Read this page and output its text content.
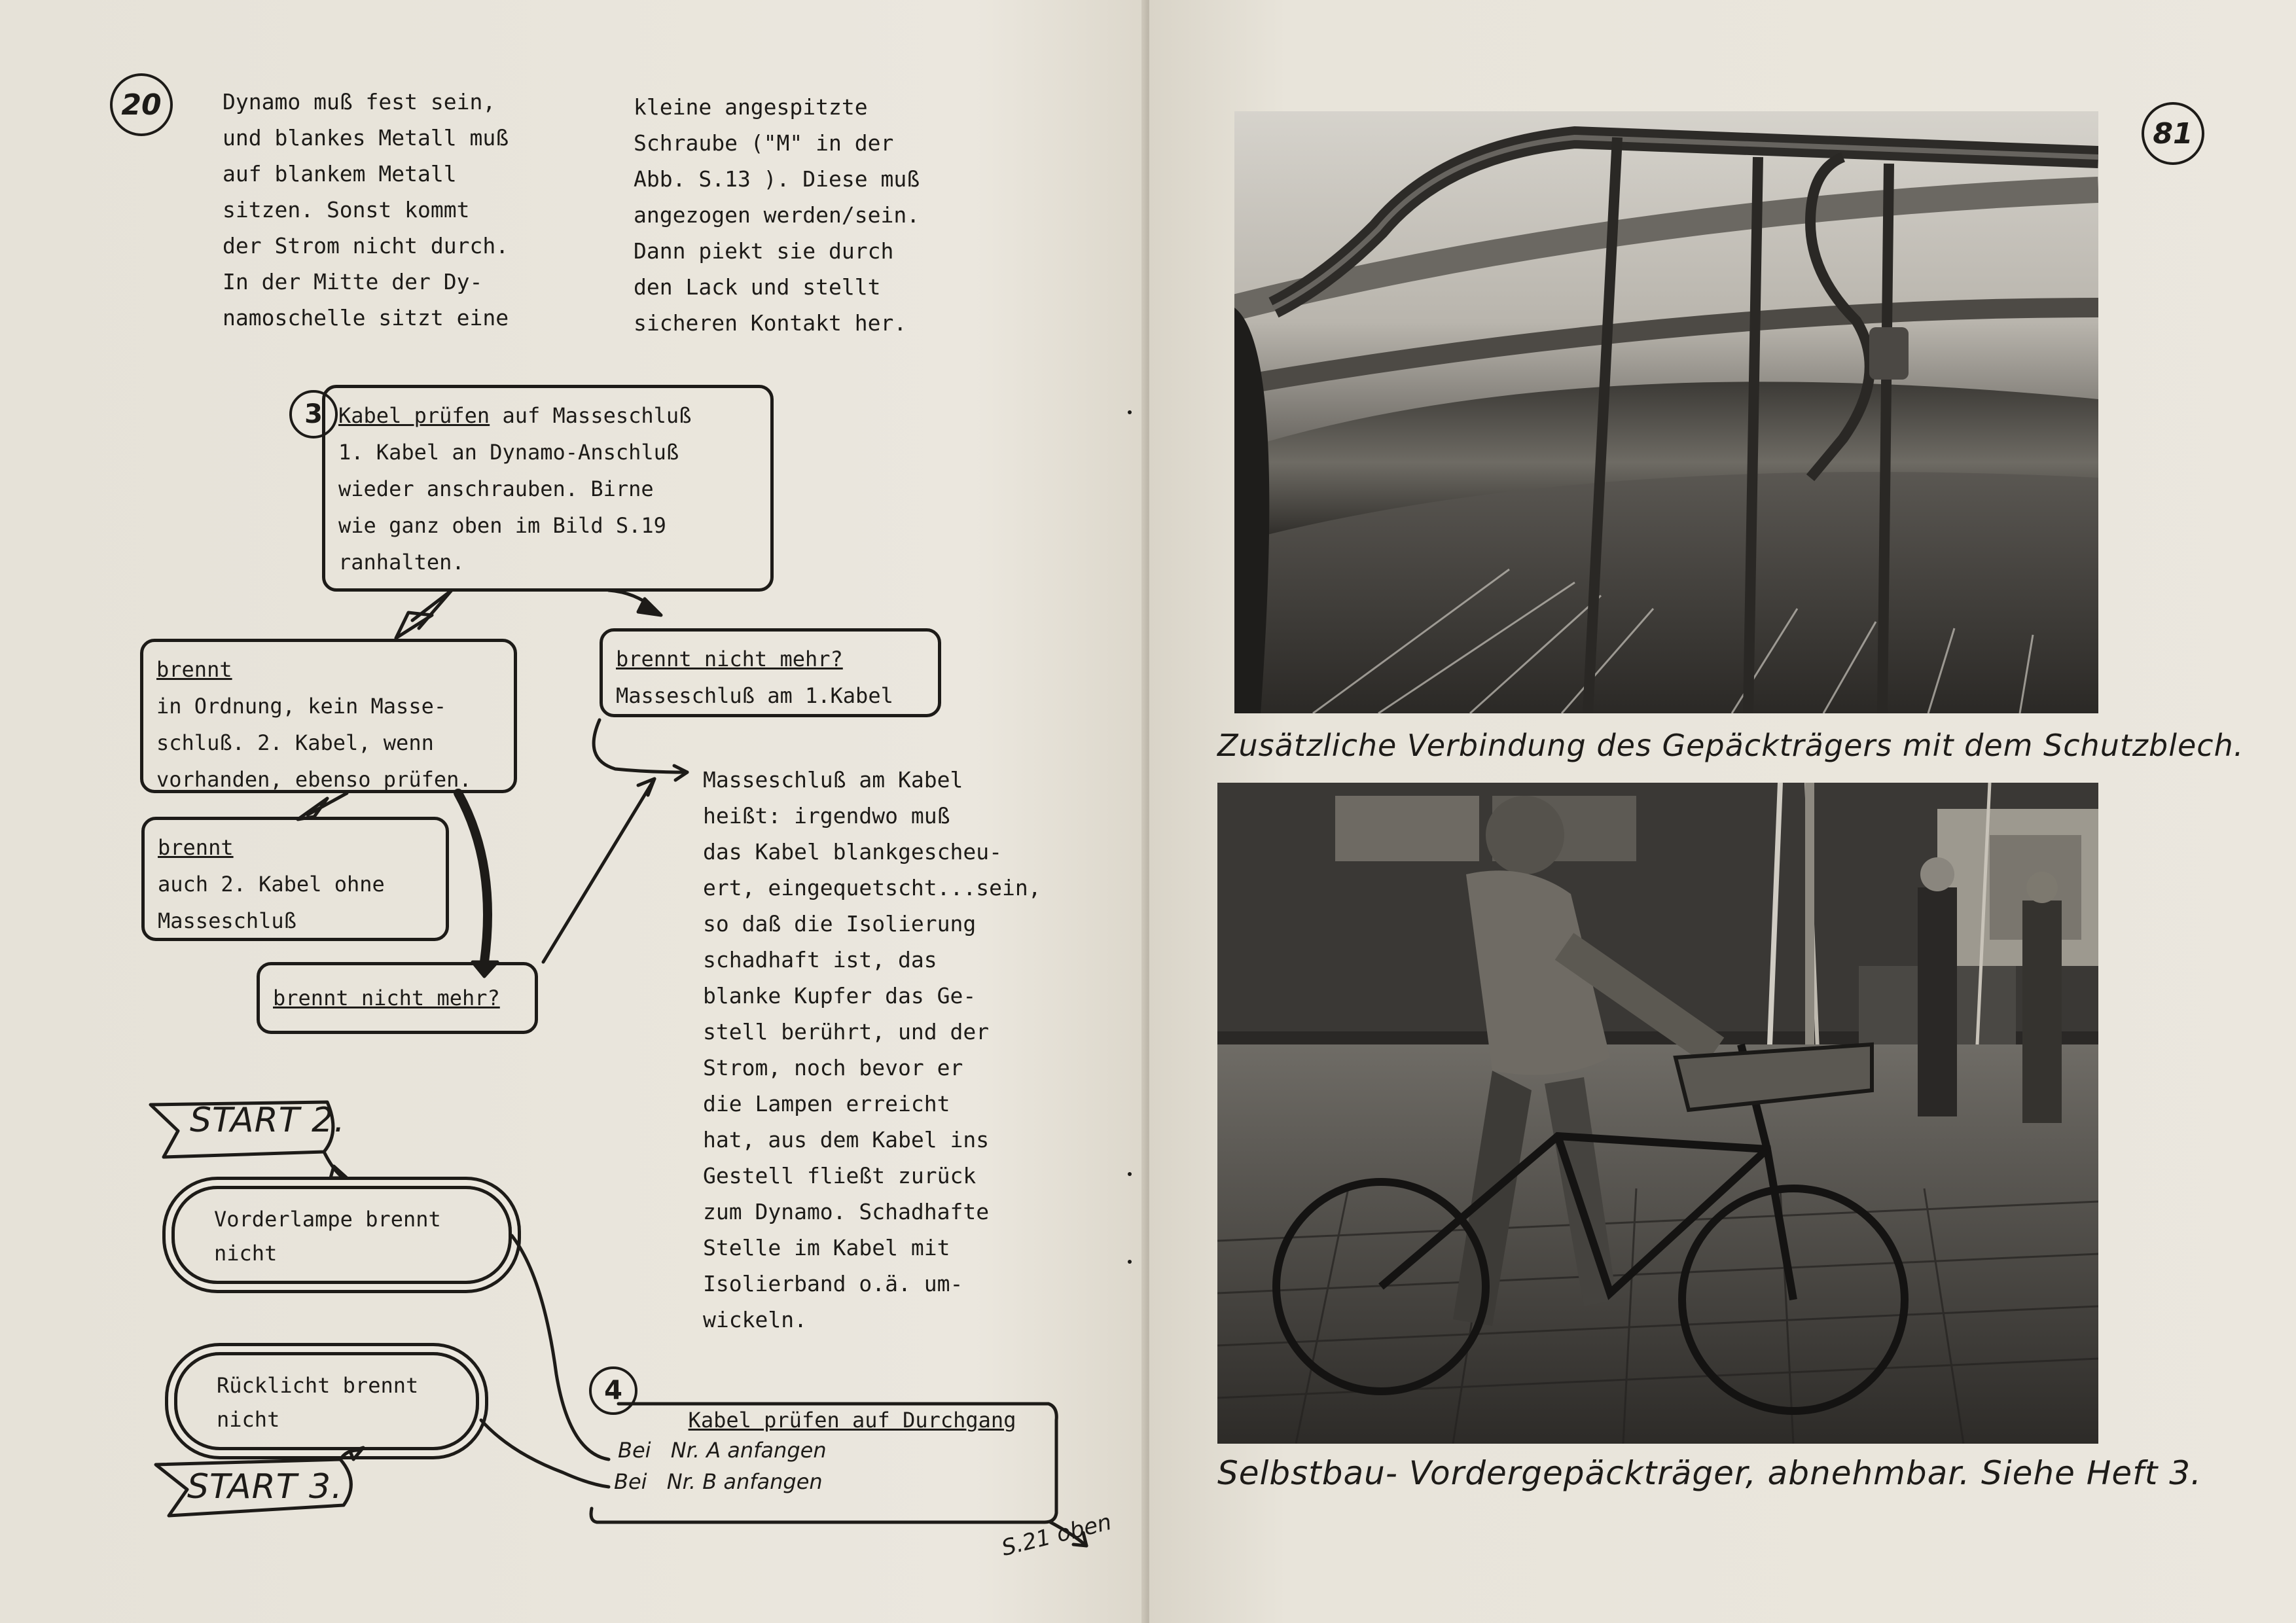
20	Dynamo muß fest sein,
und blankes Metall muß
auf blankem Metall
sitzen. Sonst kommt
der Strom nicht durch.
In der Mitte der Dy-
namoschelle sitzt eine
kleine angespitzte
Schraube ("M" in der
Abb. S.13 ). Diese muß
angezogen werden/sein.
Dann piekt sie durch
den Lack und stellt
sicheren Kontakt her.
3 Kabel prüfen auf Masseschluß
1. Kabel an Dynamo-Anschluß
wieder anschrauben. Birne
wie ganz oben im Bild S.19
ranhalten.
brennt
in Ordnung, kein Masse-
schluß. 2. Kabel, wenn
vorhanden, ebenso prüfen.
brennt nicht mehr?
Masseschluß am 1.Kabel
brennt
auch 2. Kabel ohne
Masseschluß
brennt nicht mehr?
Masseschluß am Kabel
heißt: irgendwo muß
das Kabel blankgescheu-
ert, eingequetscht...sein,
so daß die Isolierung
schadhaft ist, das
blanke Kupfer das Ge-
stell berührt, und der
Strom, noch bevor er
die Lampen erreicht
hat, aus dem Kabel ins
Gestell fließt zurück
zum Dynamo. Schadhafte
Stelle im Kabel mit
Isolierband o.ä. um-
wickeln.
START 2.
Vorderlampe brennt
nicht
Rücklicht brennt
nicht
START 3.
4
Kabel prüfen auf Durchgang
Bei Nr. A anfangen
Bei Nr. B anfangen
S.21 oben
81
Zusätzliche Verbindung des Gepäckträgers mit dem Schutzblech.
Selbstbau- Vordergepäckträger, abnehmbar. Siehe Heft 3.
